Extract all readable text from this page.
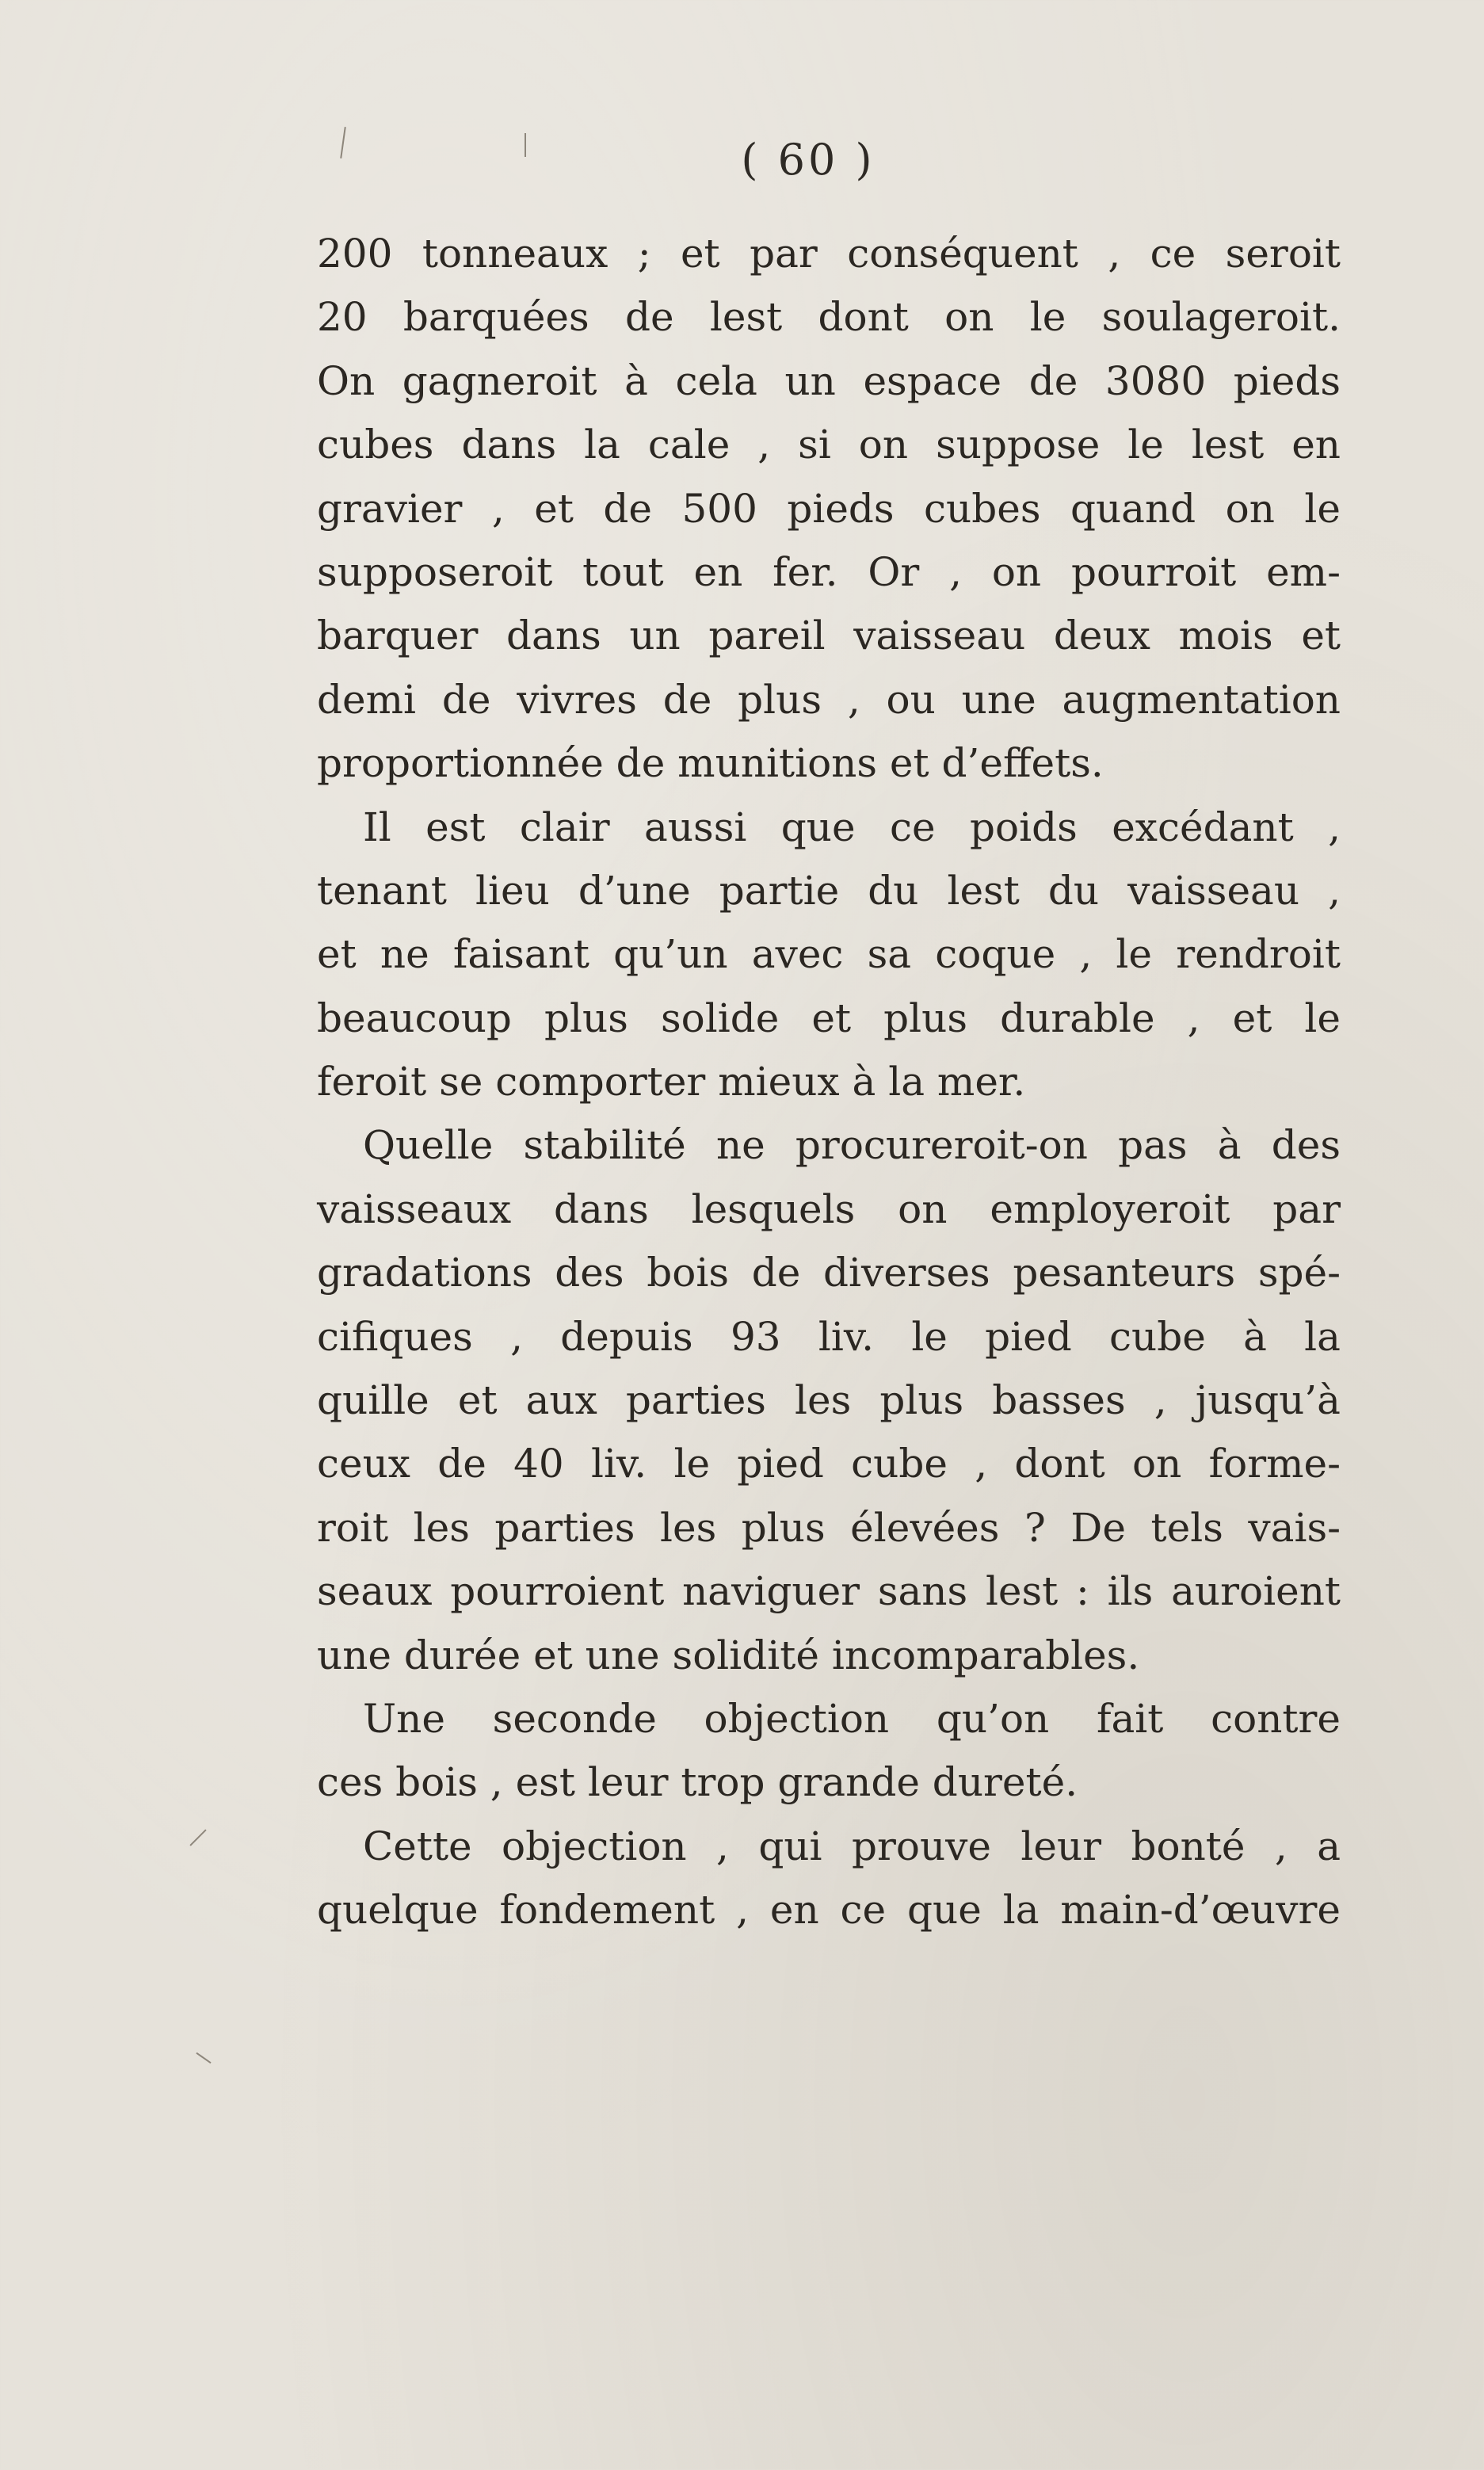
( 60 )
200 tonneaux ; et par conséquent , ce seroit
20 barquées de lest dont on le soulageroit.
On gagneroit à cela un espace de 3080 pieds
cubes dans la cale , si on suppose le lest en
gravier , et de 500 pieds cubes quand on le
supposeroit tout en fer. Or , on pourroit em-
barquer dans un pareil vaisseau deux mois et
demi de vivres de plus , ou une augmentation
proportionnée de munitions et d’effets.
Il est clair aussi que ce poids excédant ,
tenant lieu d’une partie du lest du vaisseau ,
et ne faisant qu’un avec sa coque , le rendroit
beaucoup plus solide et plus durable , et le
feroit se comporter mieux à la mer.
Quelle stabilité ne procureroit-on pas à des
vaisseaux dans lesquels on employeroit par
gradations des bois de diverses pesanteurs spé-
cifiques , depuis 93 liv. le pied cube à la
quille et aux parties les plus basses , jusqu’à
ceux de 40 liv. le pied cube , dont on forme-
roit les parties les plus élevées ? De tels vais-
seaux pourroient naviguer sans lest : ils auroient
une durée et une solidité incomparables.
Une seconde objection qu’on fait contre
ces bois , est leur trop grande dureté.
Cette objection , qui prouve leur bonté , a
quelque fondement , en ce que la main-d’œuvre
